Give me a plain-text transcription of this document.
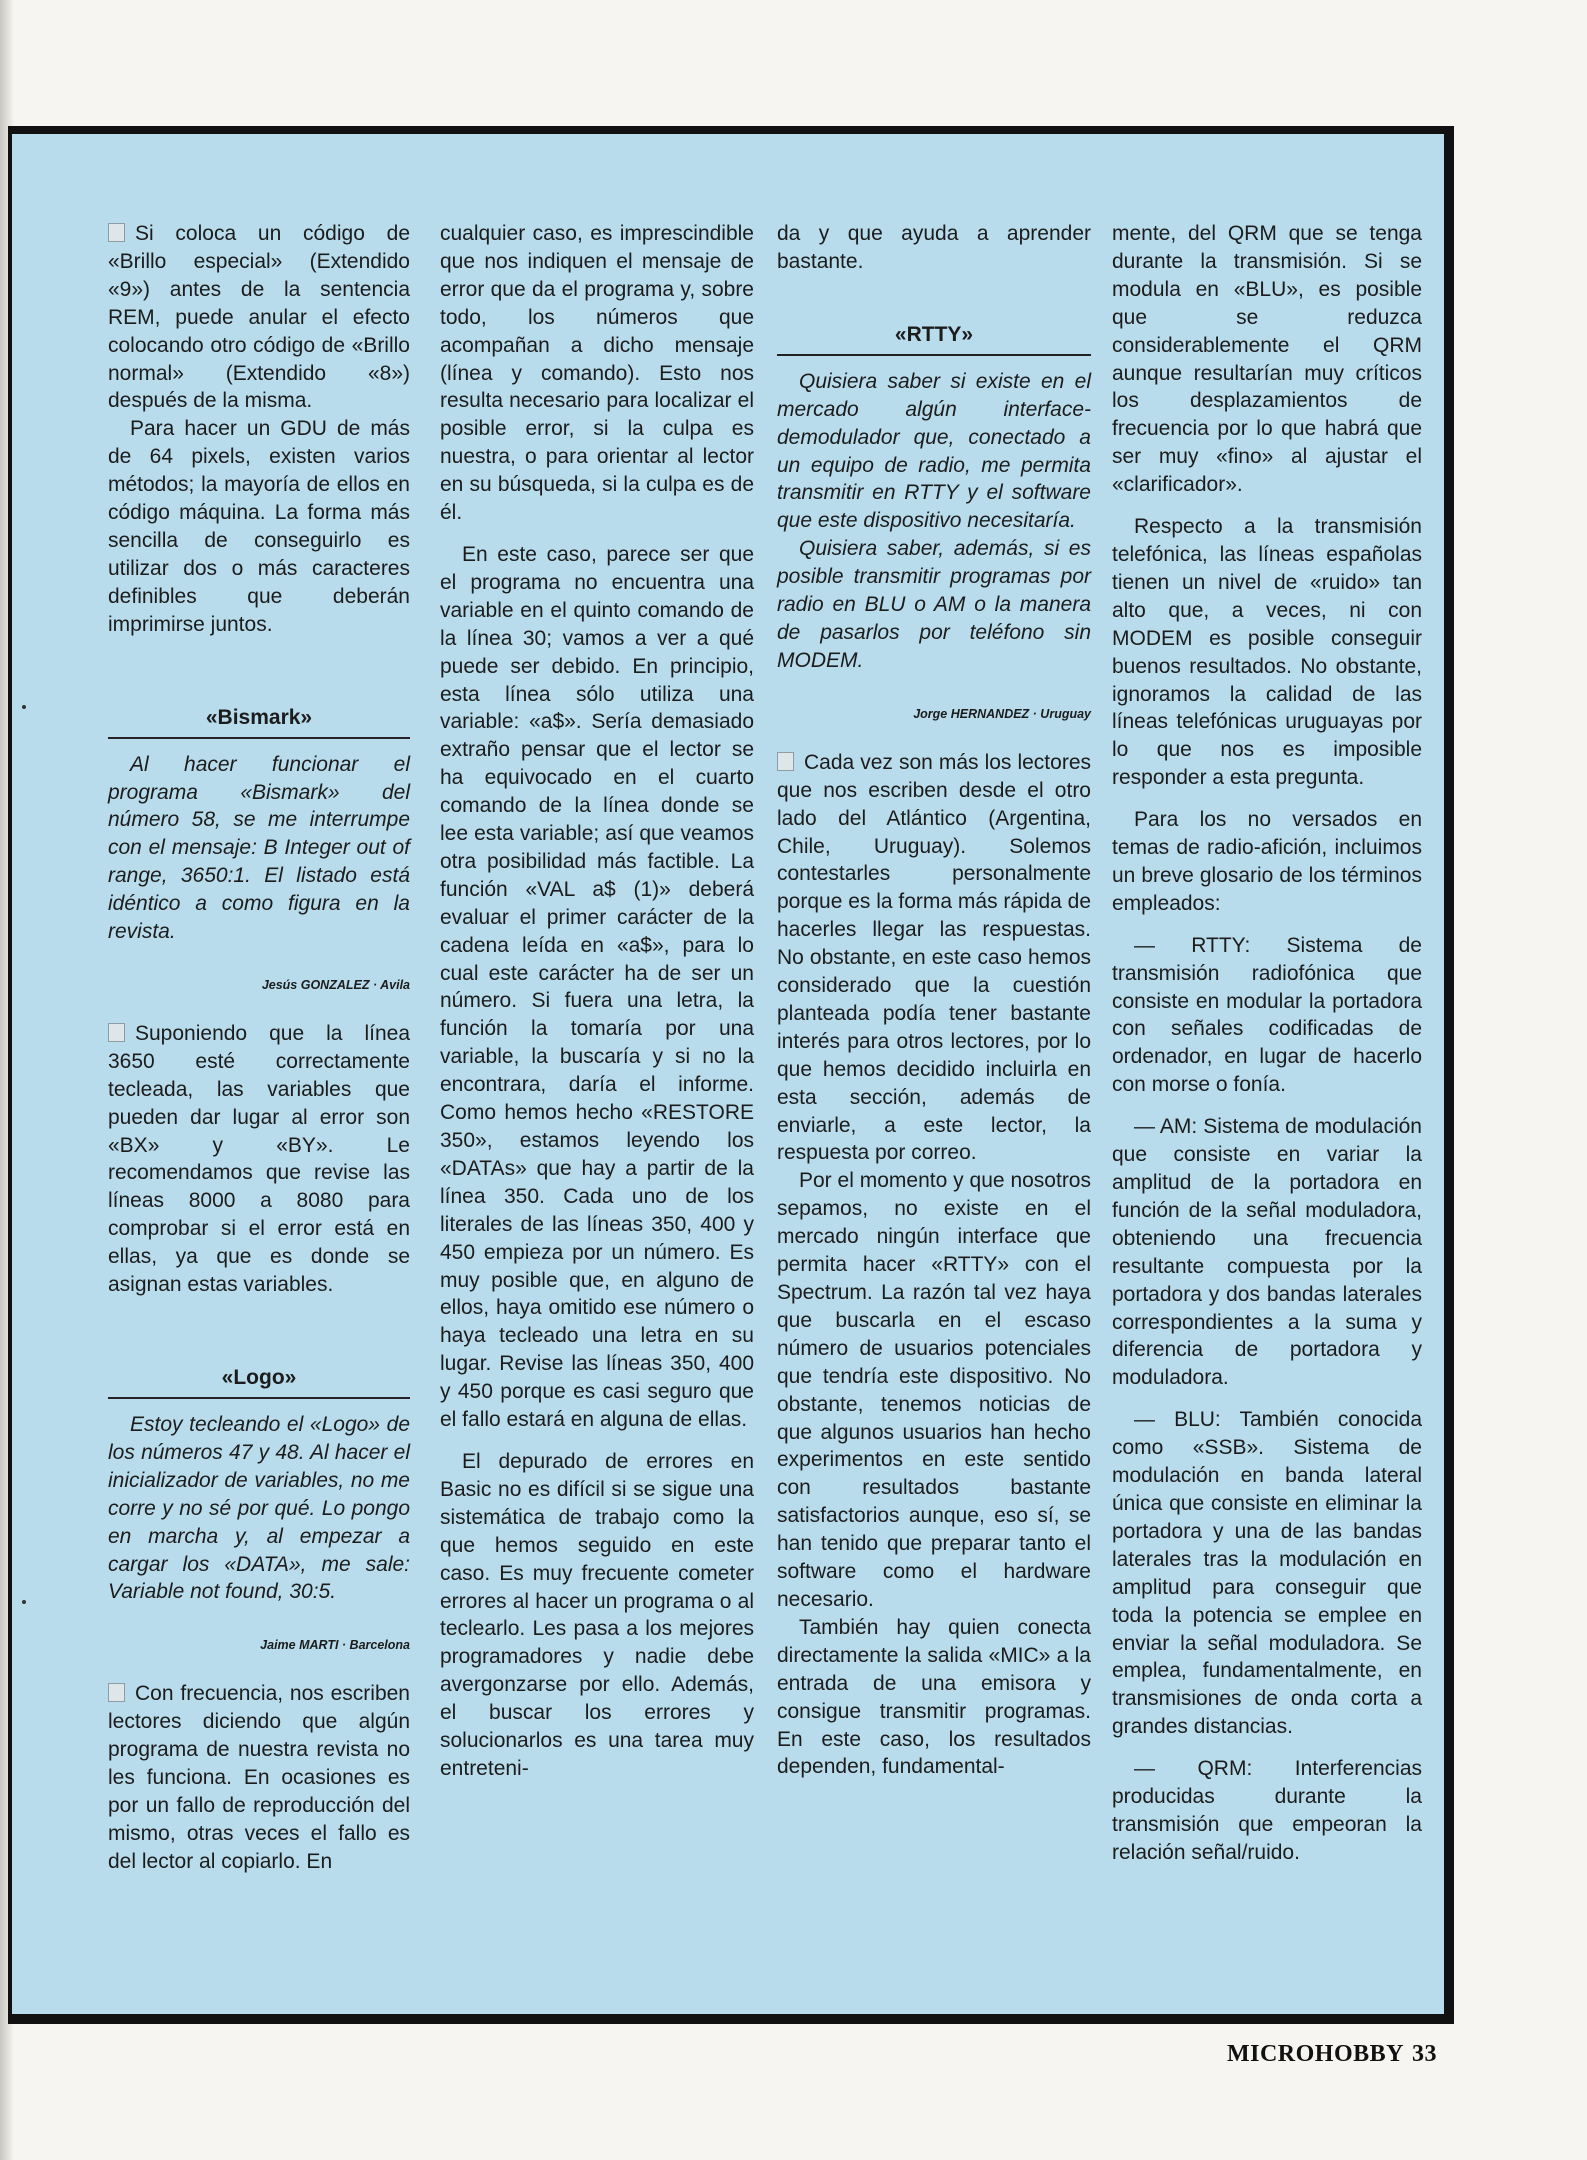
Si coloca un código de «Brillo especial» (Extendido «9») antes de la sentencia REM, puede anular el efecto colocando otro código de «Brillo normal» (Extendido «8») después de la misma.

Para hacer un GDU de más de 64 pixels, existen varios métodos; la mayoría de ellos en código máquina. La forma más sencilla de conseguirlo es utilizar dos o más caracteres definibles que deberán imprimirse juntos.

«Bismark»

Al hacer funcionar el programa «Bismark» del número 58, se me interrumpe con el mensaje: B Integer out of range, 3650:1. El listado está idéntico a como figura en la revista.

Jesús GONZALEZ · Avila

Suponiendo que la línea 3650 esté correctamente tecleada, las variables que pueden dar lugar al error son «BX» y «BY». Le recomendamos que revise las líneas 8000 a 8080 para comprobar si el error está en ellas, ya que es donde se asignan estas variables.

«Logo»

Estoy tecleando el «Logo» de los números 47 y 48. Al hacer el inicializador de variables, no me corre y no sé por qué. Lo pongo en marcha y, al empezar a cargar los «DATA», me sale: Variable not found, 30:5.

Jaime MARTI · Barcelona

Con frecuencia, nos escriben lectores diciendo que algún programa de nuestra revista no les funciona. En ocasiones es por un fallo de reproducción del mismo, otras veces el fallo es del lector al copiarlo. En

cualquier caso, es imprescindible que nos indiquen el mensaje de error que da el programa y, sobre todo, los números que acompañan a dicho mensaje (línea y comando). Esto nos resulta necesario para localizar el posible error, si la culpa es nuestra, o para orientar al lector en su búsqueda, si la culpa es de él.

En este caso, parece ser que el programa no encuentra una variable en el quinto comando de la línea 30; vamos a ver a qué puede ser debido. En principio, esta línea sólo utiliza una variable: «a$». Sería demasiado extraño pensar que el lector se ha equivocado en el cuarto comando de la línea donde se lee esta variable; así que veamos otra posibilidad más factible. La función «VAL a$ (1)» deberá evaluar el primer carácter de la cadena leída en «a$», para lo cual este carácter ha de ser un número. Si fuera una letra, la función la tomaría por una variable, la buscaría y si no la encontrara, daría el informe. Como hemos hecho «RESTORE 350», estamos leyendo los «DATAs» que hay a partir de la línea 350. Cada uno de los literales de las líneas 350, 400 y 450 empieza por un número. Es muy posible que, en alguno de ellos, haya omitido ese número o haya tecleado una letra en su lugar. Revise las líneas 350, 400 y 450 porque es casi seguro que el fallo estará en alguna de ellas.

El depurado de errores en Basic no es difícil si se sigue una sistemática de trabajo como la que hemos seguido en este caso. Es muy frecuente cometer errores al hacer un programa o al teclearlo. Les pasa a los mejores programadores y nadie debe avergonzarse por ello. Además, el buscar los errores y solucionarlos es una tarea muy entreteni-

da y que ayuda a aprender bastante.

«RTTY»

Quisiera saber si existe en el mercado algún interface-demodulador que, conectado a un equipo de radio, me permita transmitir en RTTY y el software que este dispositivo necesitaría.

Quisiera saber, además, si es posible transmitir programas por radio en BLU o AM o la manera de pasarlos por teléfono sin MODEM.

Jorge HERNANDEZ · Uruguay

Cada vez son más los lectores que nos escriben desde el otro lado del Atlántico (Argentina, Chile, Uruguay). Solemos contestarles personalmente porque es la forma más rápida de hacerles llegar las respuestas. No obstante, en este caso hemos considerado que la cuestión planteada podía tener bastante interés para otros lectores, por lo que hemos decidido incluirla en esta sección, además de enviarle, a este lector, la respuesta por correo.

Por el momento y que nosotros sepamos, no existe en el mercado ningún interface que permita hacer «RTTY» con el Spectrum. La razón tal vez haya que buscarla en el escaso número de usuarios potenciales que tendría este dispositivo. No obstante, tenemos noticias de que algunos usuarios han hecho experimentos en este sentido con resultados bastante satisfactorios aunque, eso sí, se han tenido que preparar tanto el software como el hardware necesario.

También hay quien conecta directamente la salida «MIC» a la entrada de una emisora y consigue transmitir programas. En este caso, los resultados dependen, fundamental-

mente, del QRM que se tenga durante la transmisión. Si se modula en «BLU», es posible que se reduzca considerablemente el QRM aunque resultarían muy críticos los desplazamientos de frecuencia por lo que habrá que ser muy «fino» al ajustar el «clarificador».

Respecto a la transmisión telefónica, las líneas españolas tienen un nivel de «ruido» tan alto que, a veces, ni con MODEM es posible conseguir buenos resultados. No obstante, ignoramos la calidad de las líneas telefónicas uruguayas por lo que nos es imposible responder a esta pregunta.

Para los no versados en temas de radio-afición, incluimos un breve glosario de los términos empleados:

— RTTY: Sistema de transmisión radiofónica que consiste en modular la portadora con señales codificadas de ordenador, en lugar de hacerlo con morse o fonía.

— AM: Sistema de modulación que consiste en variar la amplitud de la portadora en función de la señal moduladora, obteniendo una frecuencia resultante compuesta por la portadora y dos bandas laterales correspondientes a la suma y diferencia de portadora y moduladora.

— BLU: También conocida como «SSB». Sistema de modulación en banda lateral única que consiste en eliminar la portadora y una de las bandas laterales tras la modulación en amplitud para conseguir que toda la potencia se emplee en enviar la señal moduladora. Se emplea, fundamentalmente, en transmisiones de onda corta a grandes distancias.

— QRM: Interferencias producidas durante la transmisión que empeoran la relación señal/ruido.

MICROHOBBY 33
